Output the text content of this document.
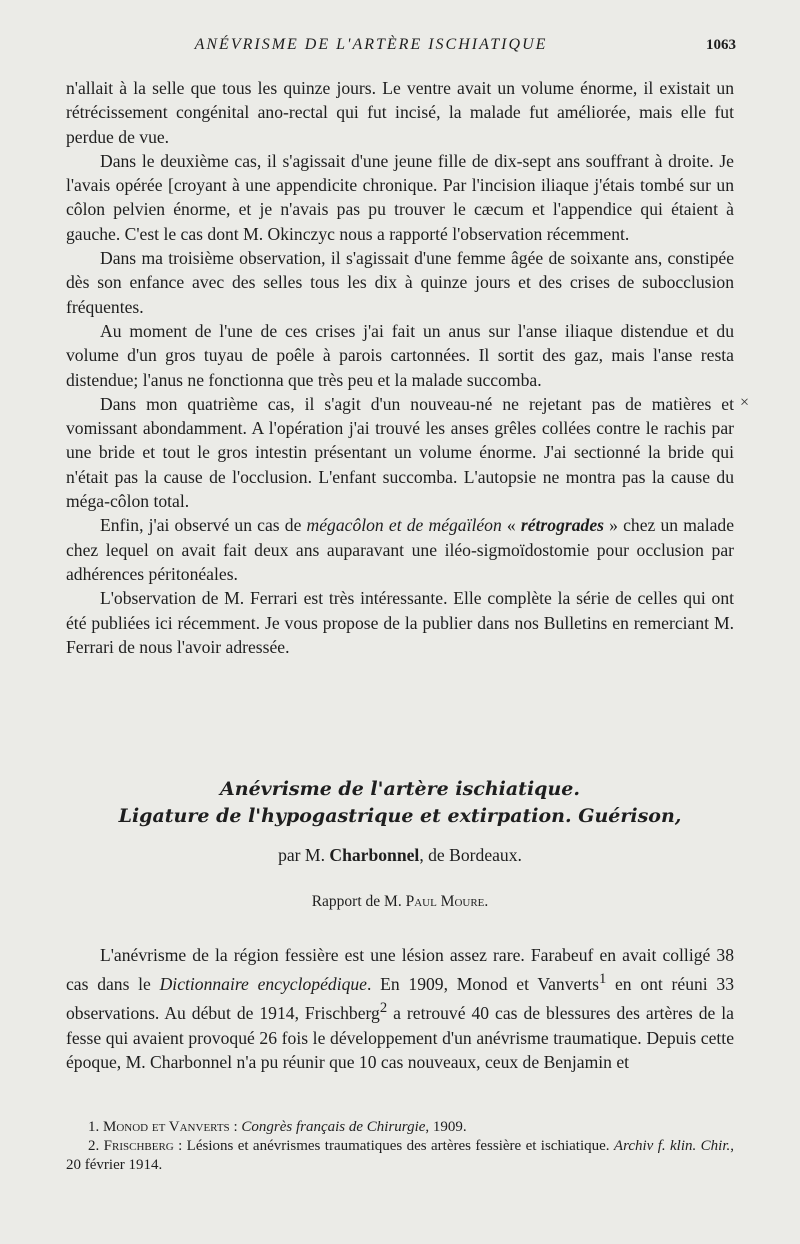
ANÉVRISME DE L'ARTÈRE ISCHIATIQUE	1063

n'allait à la selle que tous les quinze jours. Le ventre avait un volume énorme, il existait un rétrécissement congénital ano-rectal qui fut incisé, la malade fut améliorée, mais elle fut perdue de vue.

Dans le deuxième cas, il s'agissait d'une jeune fille de dix-sept ans souffrant à droite. Je l'avais opérée [croyant à une appendicite chronique. Par l'incision iliaque j'étais tombé sur un côlon pelvien énorme, et je n'avais pas pu trouver le cæcum et l'appendice qui étaient à gauche. C'est le cas dont M. Okinczyc nous a rapporté l'observation récemment.

Dans ma troisième observation, il s'agissait d'une femme âgée de soixante ans, constipée dès son enfance avec des selles tous les dix à quinze jours et des crises de subocclusion fréquentes.

Au moment de l'une de ces crises j'ai fait un anus sur l'anse iliaque distendue et du volume d'un gros tuyau de poêle à parois cartonnées. Il sortit des gaz, mais l'anse resta distendue; l'anus ne fonctionna que très peu et la malade succomba.

Dans mon quatrième cas, il s'agit d'un nouveau-né ne rejetant pas de matières et vomissant abondamment. A l'opération j'ai trouvé les anses grêles collées contre le rachis par une bride et tout le gros intestin présentant un volume énorme. J'ai sectionné la bride qui n'était pas la cause de l'occlusion. L'enfant succomba. L'autopsie ne montra pas la cause du méga-côlon total.

Enfin, j'ai observé un cas de mégacôlon et de mégaïléon « rétrogrades » chez un malade chez lequel on avait fait deux ans auparavant une iléo-sigmoïdostomie pour occlusion par adhérences péritonéales.

L'observation de M. Ferrari est très intéressante. Elle complète la série de celles qui ont été publiées ici récemment. Je vous propose de la publier dans nos Bulletins en remerciant M. Ferrari de nous l'avoir adressée.

×
Anévrisme de l'artère ischiatique.
Ligature de l'hypogastrique et extirpation. Guérison,
par M. Charbonnel, de Bordeaux.
Rapport de M. Paul Moure.

L'anévrisme de la région fessière est une lésion assez rare. Farabeuf en avait colligé 38 cas dans le Dictionnaire encyclopédique. En 1909, Monod et Vanverts$^1$ en ont réuni 33 observations. Au début de 1914, Frischberg$^2$ a retrouvé 40 cas de blessures des artères de la fesse qui avaient provoqué 26 fois le développement d'un anévrisme traumatique. Depuis cette époque, M. Charbonnel n'a pu réunir que 10 cas nouveaux, ceux de Benjamin et

1. Monod et Vanverts : Congrès français de Chirurgie, 1909.

2. Frischberg : Lésions et anévrismes traumatiques des artères fessière et ischiatique. Archiv f. klin. Chir., 20 février 1914.
